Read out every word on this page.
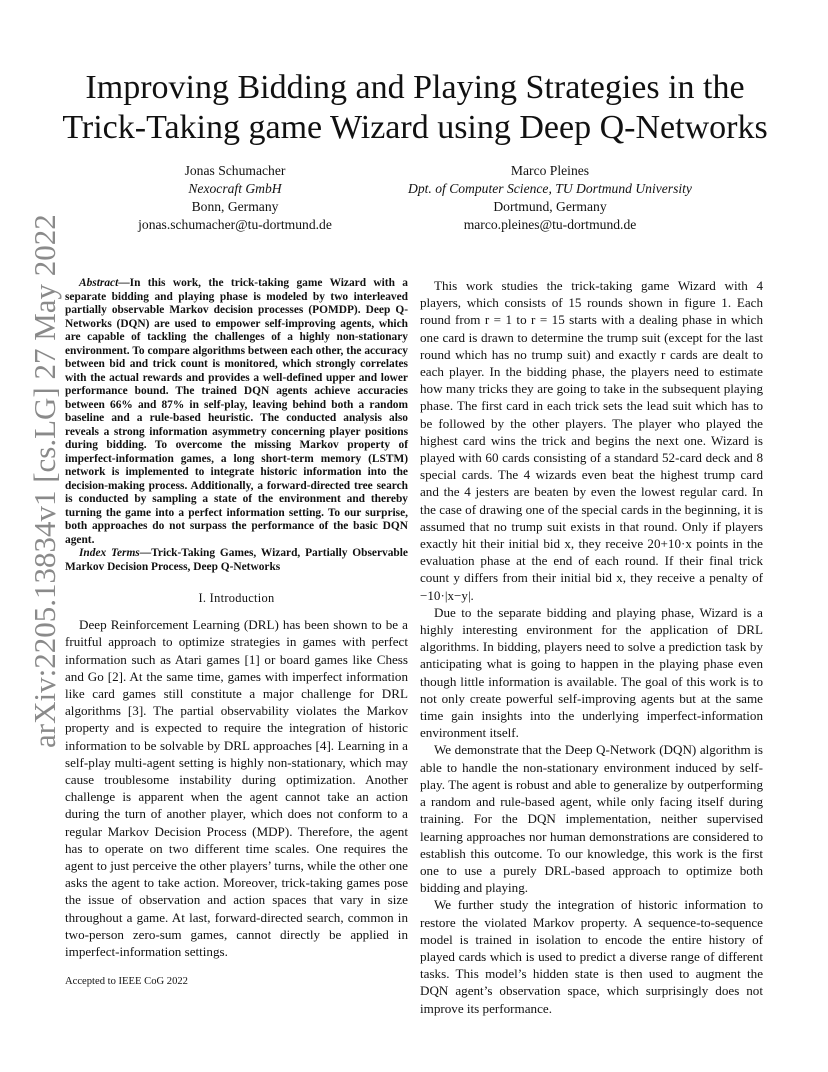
arXiv:2205.13834v1 [cs.LG] 27 May 2022
Improving Bidding and Playing Strategies in the Trick-Taking game Wizard using Deep Q-Networks
Jonas Schumacher
Nexocraft GmbH
Bonn, Germany
jonas.schumacher@tu-dortmund.de
Marco Pleines
Dpt. of Computer Science, TU Dortmund University
Dortmund, Germany
marco.pleines@tu-dortmund.de

Abstract—In this work, the trick-taking game Wizard with a separate bidding and playing phase is modeled by two interleaved partially observable Markov decision processes (POMDP). Deep Q-Networks (DQN) are used to empower self-improving agents, which are capable of tackling the challenges of a highly non-stationary environment. To compare algorithms between each other, the accuracy between bid and trick count is monitored, which strongly correlates with the actual rewards and provides a well-defined upper and lower performance bound. The trained DQN agents achieve accuracies between 66% and 87% in self-play, leaving behind both a random baseline and a rule-based heuristic. The conducted analysis also reveals a strong information asymmetry concerning player positions during bidding. To overcome the missing Markov property of imperfect-information games, a long short-term memory (LSTM) network is implemented to integrate historic information into the decision-making process. Additionally, a forward-directed tree search is conducted by sampling a state of the environment and thereby turning the game into a perfect information setting. To our surprise, both approaches do not surpass the performance of the basic DQN agent.

Index Terms—Trick-Taking Games, Wizard, Partially Observable Markov Decision Process, Deep Q-Networks

I. Introduction

Deep Reinforcement Learning (DRL) has been shown to be a fruitful approach to optimize strategies in games with perfect information such as Atari games [1] or board games like Chess and Go [2]. At the same time, games with imperfect information like card games still constitute a major challenge for DRL algorithms [3]. The partial observability violates the Markov property and is expected to require the integration of historic information to be solvable by DRL approaches [4]. Learning in a self-play multi-agent setting is highly non-stationary, which may cause troublesome instability during optimization. Another challenge is apparent when the agent cannot take an action during the turn of another player, which does not conform to a regular Markov Decision Process (MDP). Therefore, the agent has to operate on two different time scales. One requires the agent to just perceive the other players’ turns, while the other one asks the agent to take action. Moreover, trick-taking games pose the issue of observation and action spaces that vary in size throughout a game. At last, forward-directed search, common in two-person zero-sum games, cannot directly be applied in imperfect-information settings.

Accepted to IEEE CoG 2022

This work studies the trick-taking game Wizard with 4 players, which consists of 15 rounds shown in figure 1. Each round from r = 1 to r = 15 starts with a dealing phase in which one card is drawn to determine the trump suit (except for the last round which has no trump suit) and exactly r cards are dealt to each player. In the bidding phase, the players need to estimate how many tricks they are going to take in the subsequent playing phase. The first card in each trick sets the lead suit which has to be followed by the other players. The player who played the highest card wins the trick and begins the next one. Wizard is played with 60 cards consisting of a standard 52-card deck and 8 special cards. The 4 wizards even beat the highest trump card and the 4 jesters are beaten by even the lowest regular card. In the case of drawing one of the special cards in the beginning, it is assumed that no trump suit exists in that round. Only if players exactly hit their initial bid x, they receive 20+10·x points in the evaluation phase at the end of each round. If their final trick count y differs from their initial bid x, they receive a penalty of −10·|x−y|.

Due to the separate bidding and playing phase, Wizard is a highly interesting environment for the application of DRL algorithms. In bidding, players need to solve a prediction task by anticipating what is going to happen in the playing phase even though little information is available. The goal of this work is to not only create powerful self-improving agents but at the same time gain insights into the underlying imperfect-information environment itself.

We demonstrate that the Deep Q-Network (DQN) algorithm is able to handle the non-stationary environment induced by self-play. The agent is robust and able to generalize by outperforming a random and rule-based agent, while only facing itself during training. For the DQN implementation, neither supervised learning approaches nor human demonstrations are considered to establish this outcome. To our knowledge, this work is the first one to use a purely DRL-based approach to optimize both bidding and playing.

We further study the integration of historic information to restore the violated Markov property. A sequence-to-sequence model is trained in isolation to encode the entire history of played cards which is used to predict a diverse range of different tasks. This model’s hidden state is then used to augment the DQN agent’s observation space, which surprisingly does not improve its performance.
